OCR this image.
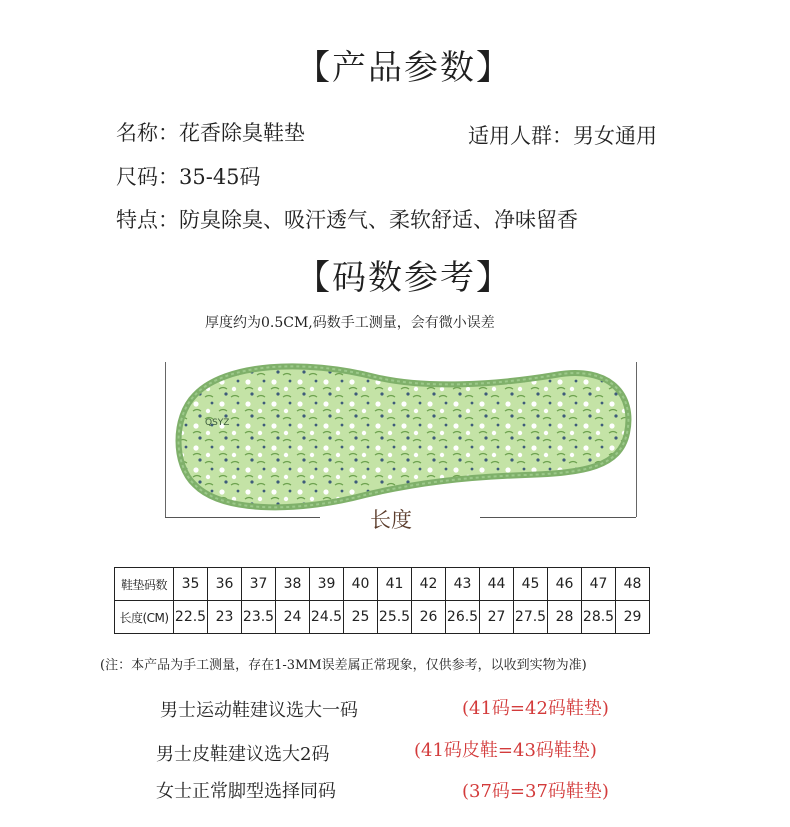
【产品参数】
名称：花香除臭鞋垫	适用人群：男女通用
尺码：35-45码
特点：防臭除臭、吸汗透气、柔软舒适、净味留香
【码数参考】
厚度约为0.5CM,码数手工测量，会有微小误差
QSYZ
长度
鞋垫码数	35	36	37	38	39	40	41	42	43	44	45	46	47	48
长度(CM)	22.5	23	23.5	24	24.5	25	25.5	26	26.5	27	27.5	28	28.5	29
(注：本产品为手工测量，存在1-3MM误差属正常现象，仅供参考，以收到实物为准)
男士运动鞋建议选大一码	(41码=42码鞋垫)
男士皮鞋建议选大2码	(41码皮鞋=43码鞋垫)
女士正常脚型选择同码	(37码=37码鞋垫)
